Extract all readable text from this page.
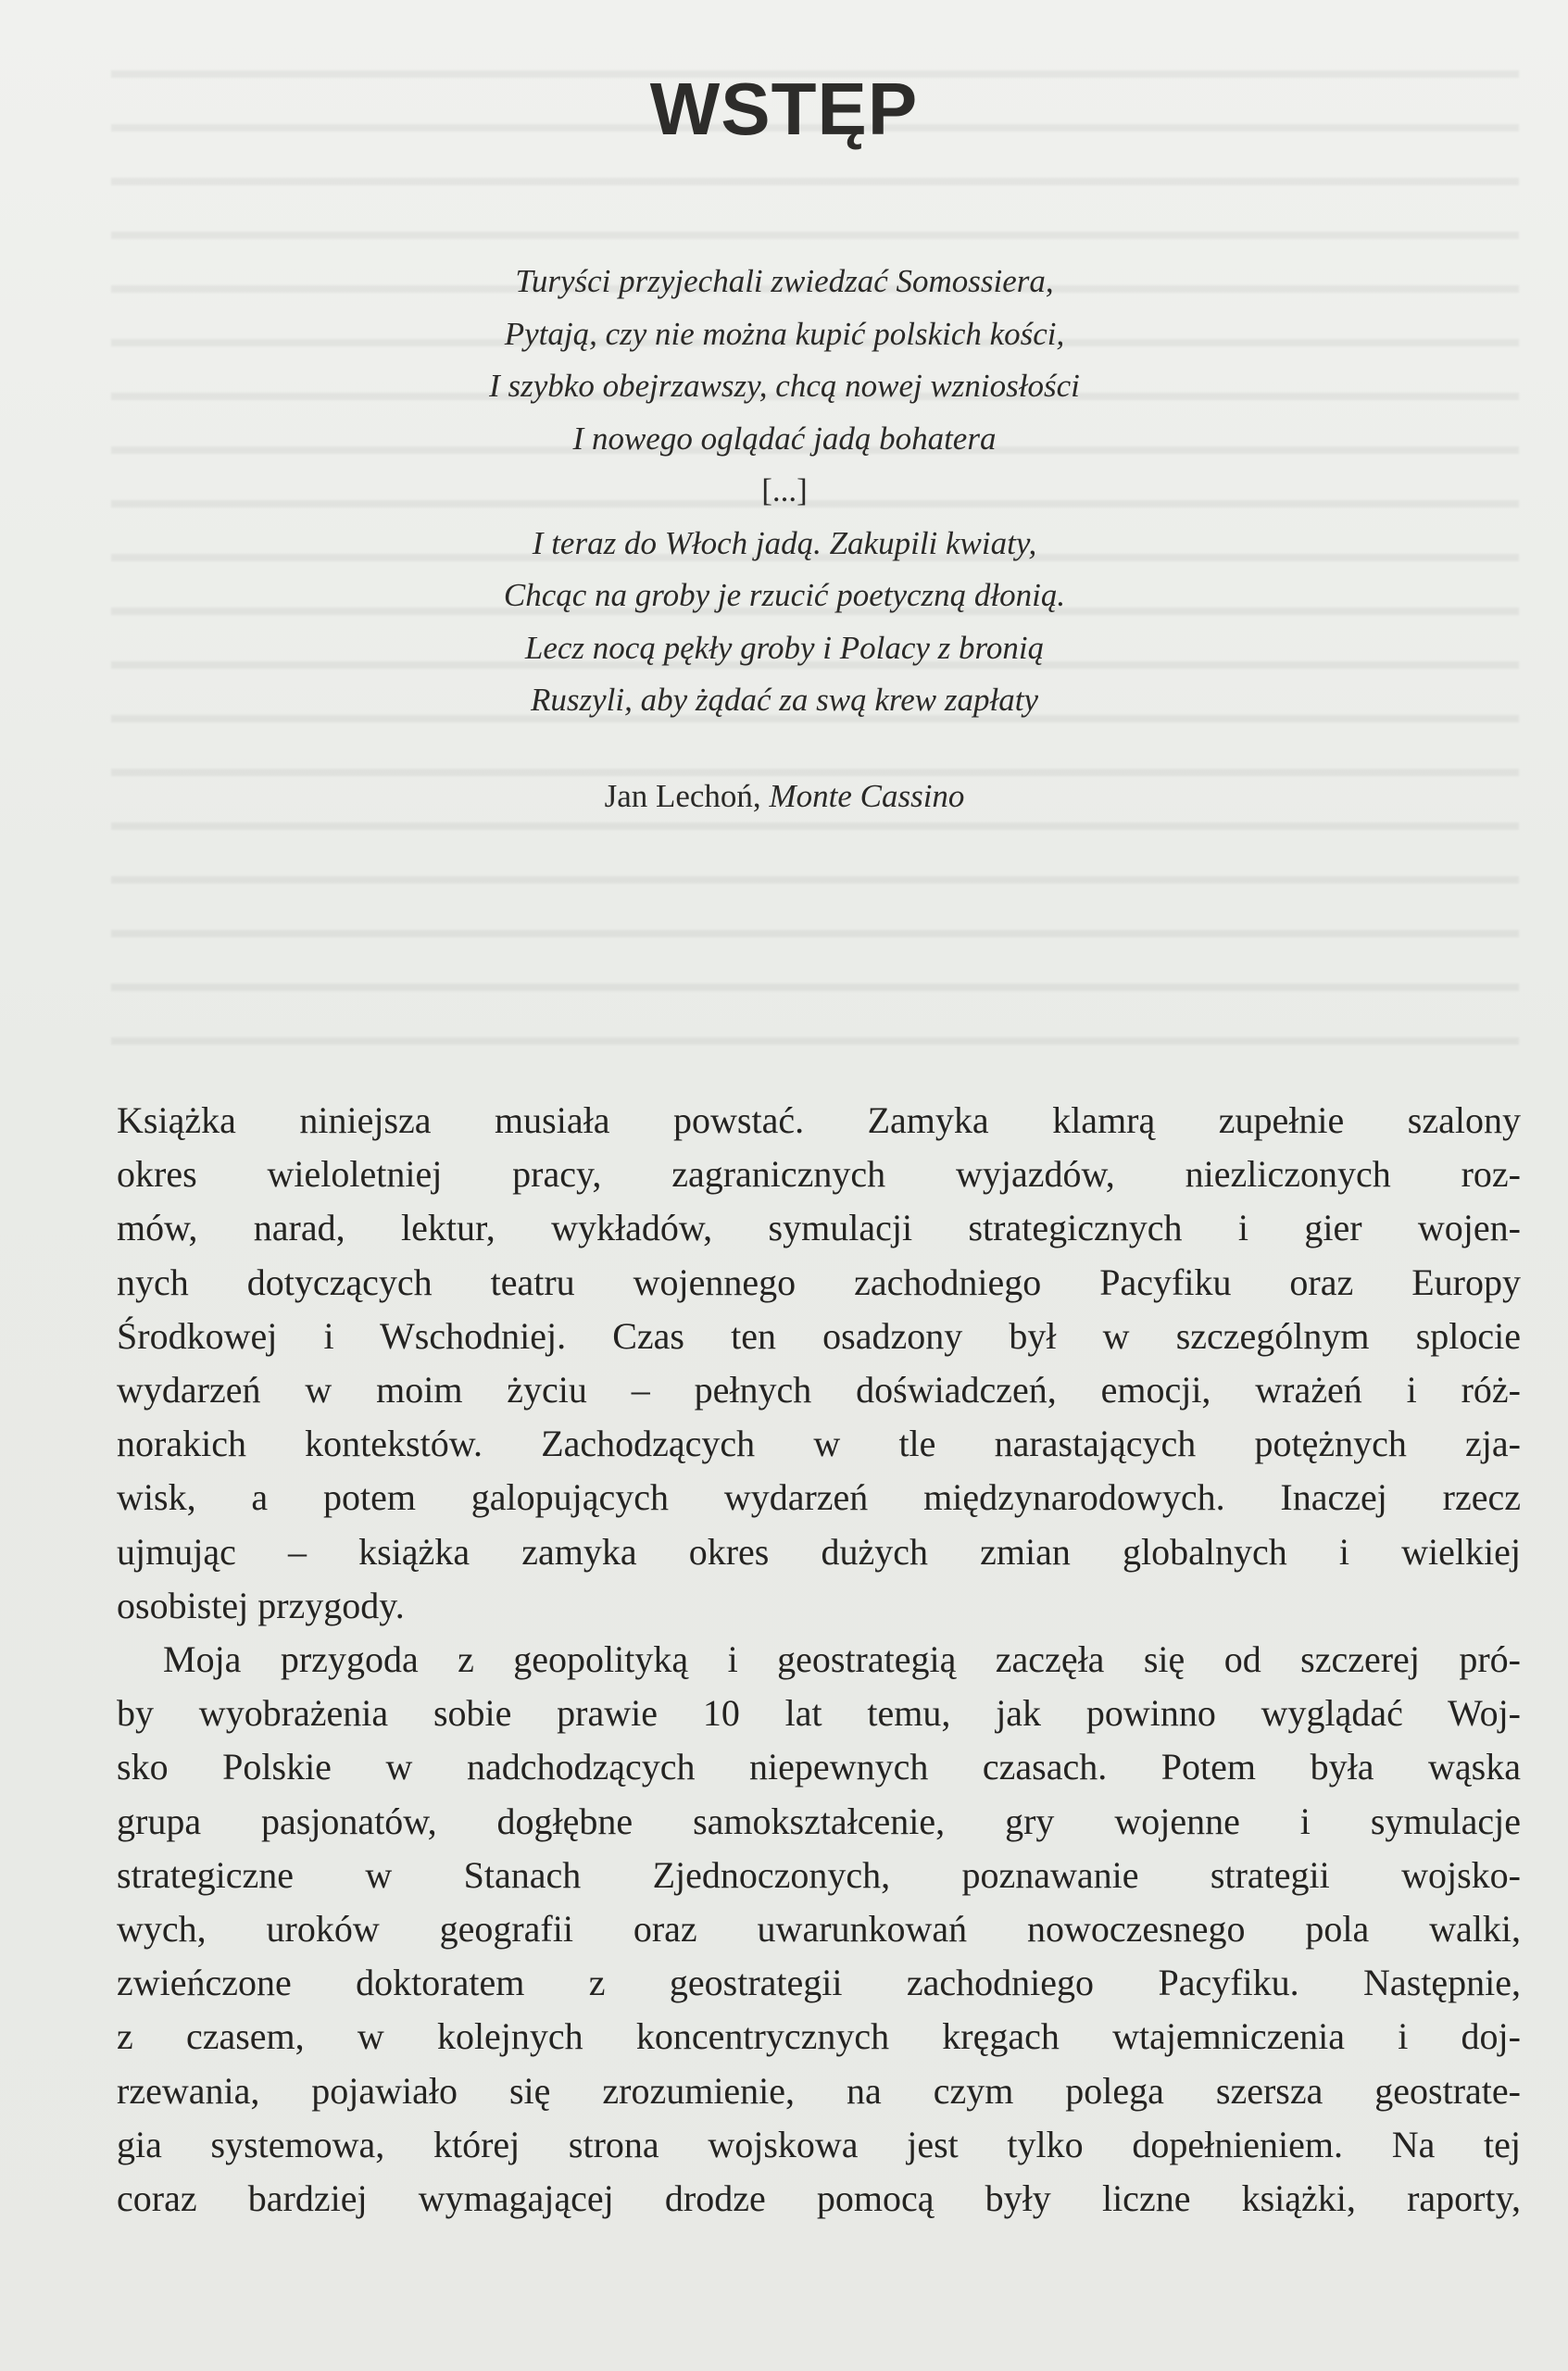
WSTĘP
Turyści przyjechali zwiedzać Somossiera,
Pytają, czy nie można kupić polskich kości,
I szybko obejrzawszy, chcą nowej wzniosłości
I nowego oglądać jadą bohatera
[...]
I teraz do Włoch jadą. Zakupili kwiaty,
Chcąc na groby je rzucić poetyczną dłonią.
Lecz nocą pękły groby i Polacy z bronią
Ruszyli, aby żądać za swą krew zapłaty
Jan Lechoń, Monte Cassino
Książka niniejsza musiała powstać. Zamyka klamrą zupełnie szalony
okres wieloletniej pracy, zagranicznych wyjazdów, niezliczonych roz-
mów, narad, lektur, wykładów, symulacji strategicznych i gier wojen-
nych dotyczących teatru wojennego zachodniego Pacyfiku oraz Europy
Środkowej i Wschodniej. Czas ten osadzony był w szczególnym splocie
wydarzeń w moim życiu – pełnych doświadczeń, emocji, wrażeń i róż-
norakich kontekstów. Zachodzących w tle narastających potężnych zja-
wisk, a potem galopujących wydarzeń międzynarodowych. Inaczej rzecz
ujmując – książka zamyka okres dużych zmian globalnych i wielkiej
osobistej przygody.
Moja przygoda z geopolityką i geostrategią zaczęła się od szczerej pró-
by wyobrażenia sobie prawie 10 lat temu, jak powinno wyglądać Woj-
sko Polskie w nadchodzących niepewnych czasach. Potem była wąska
grupa pasjonatów, dogłębne samokształcenie, gry wojenne i symulacje
strategiczne w Stanach Zjednoczonych, poznawanie strategii wojsko-
wych, uroków geografii oraz uwarunkowań nowoczesnego pola walki,
zwieńczone doktoratem z geostrategii zachodniego Pacyfiku. Następnie,
z czasem, w kolejnych koncentrycznych kręgach wtajemniczenia i doj-
rzewania, pojawiało się zrozumienie, na czym polega szersza geostrate-
gia systemowa, której strona wojskowa jest tylko dopełnieniem. Na tej
coraz bardziej wymagającej drodze pomocą były liczne książki, raporty,
